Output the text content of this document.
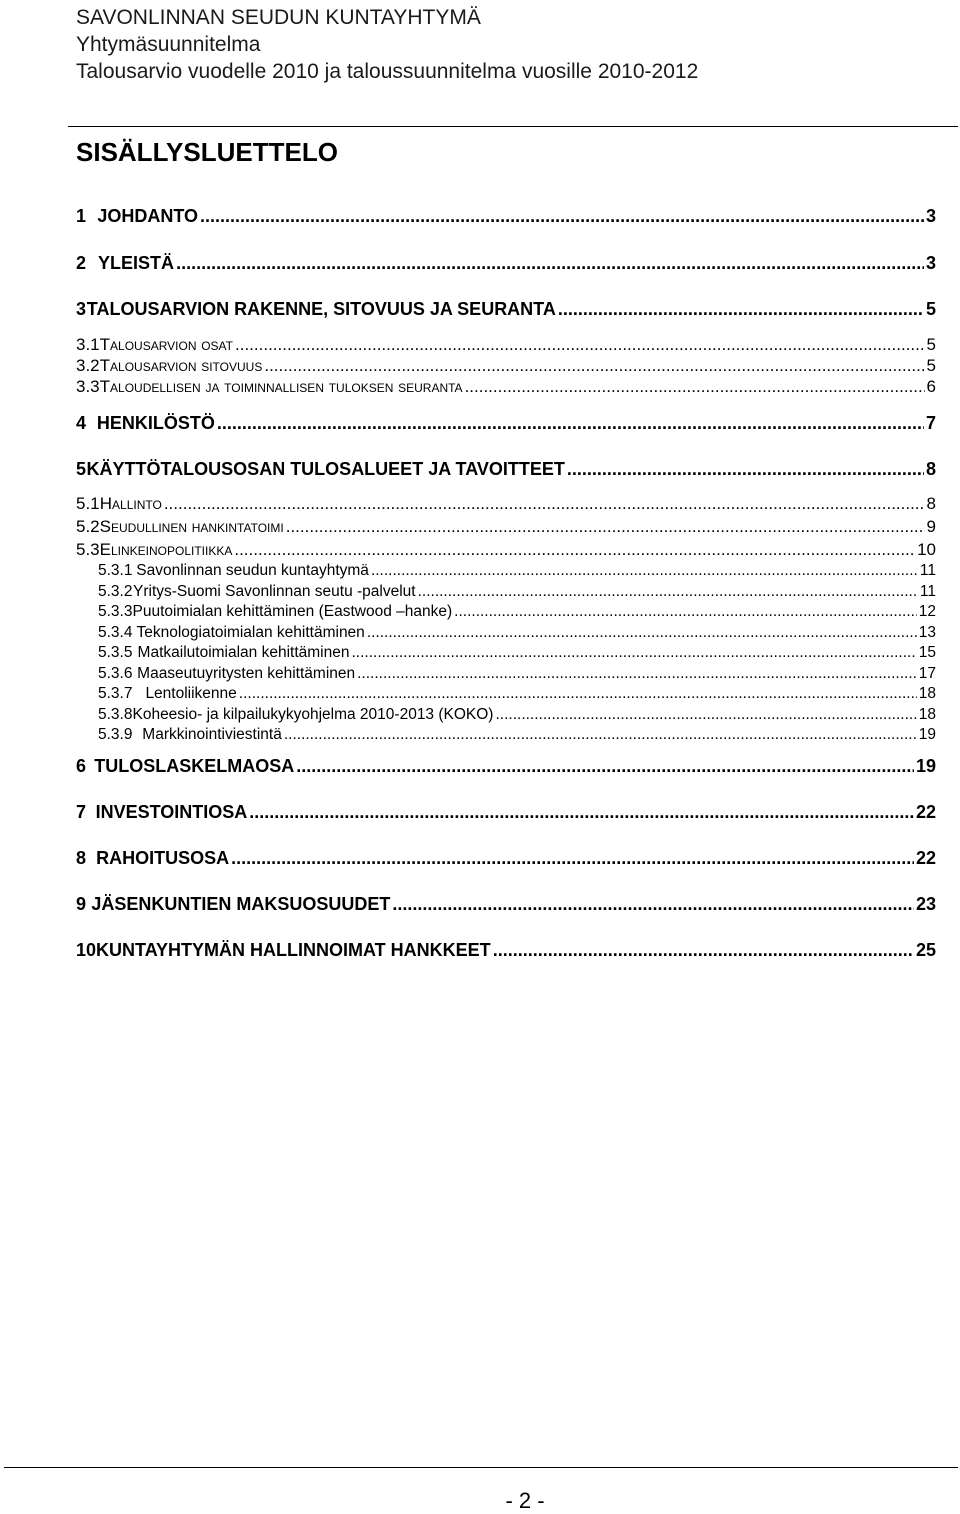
SAVONLINNAN SEUDUN KUNTAYHTYMÄ
Yhtymäsuunnitelma
Talousarvio vuodelle 2010 ja taloussuunnitelma vuosille 2010-2012
SISÄLLYSLUETTELO
1 JOHDANTO .....	3
2 YLEISTÄ .....	3
3 TALOUSARVION RAKENNE, SITOVUUS JA SEURANTA .....	5
3.1 Talousarvion osat .....	5
3.2 Talousarvion sitovuus .....	5
3.3 Taloudellisen ja toiminnallisen tuloksen seuranta .....	6
4 HENKILÖSTÖ .....	7
5 KÄYTTÖTALOUSOSAN TULOSALUEET JA TAVOITTEET .....	8
5.1 Hallinto .....	8
5.2 Seudullinen hankintatoimi .....	9
5.3 Elinkeinopolitiikka .....	10
5.3.1 Savonlinnan seudun kuntayhtymä .....	11
5.3.2 Yritys-Suomi Savonlinnan seutu -palvelut .....	11
5.3.3 Puutoimialan kehittäminen (Eastwood –hanke) .....	12
5.3.4 Teknologiatoimialan kehittäminen .....	13
5.3.5 Matkailutoimialan kehittäminen .....	15
5.3.6 Maaseutuyritysten kehittäminen .....	17
5.3.7 Lentoliikenne .....	18
5.3.8 Koheesio- ja kilpailukykyohjelma 2010-2013 (KOKO) .....	18
5.3.9 Markkinointiviestintä .....	19
6 TULOSLASKELMAOSA .....	19
7 INVESTOINTIOSA .....	22
8 RAHOITUSOSA .....	22
9 JÄSENKUNTIEN MAKSUOSUUDET .....	23
10 KUNTAYHTYMÄN HALLINNOIMAT HANKKEET .....	25
- 2 -
